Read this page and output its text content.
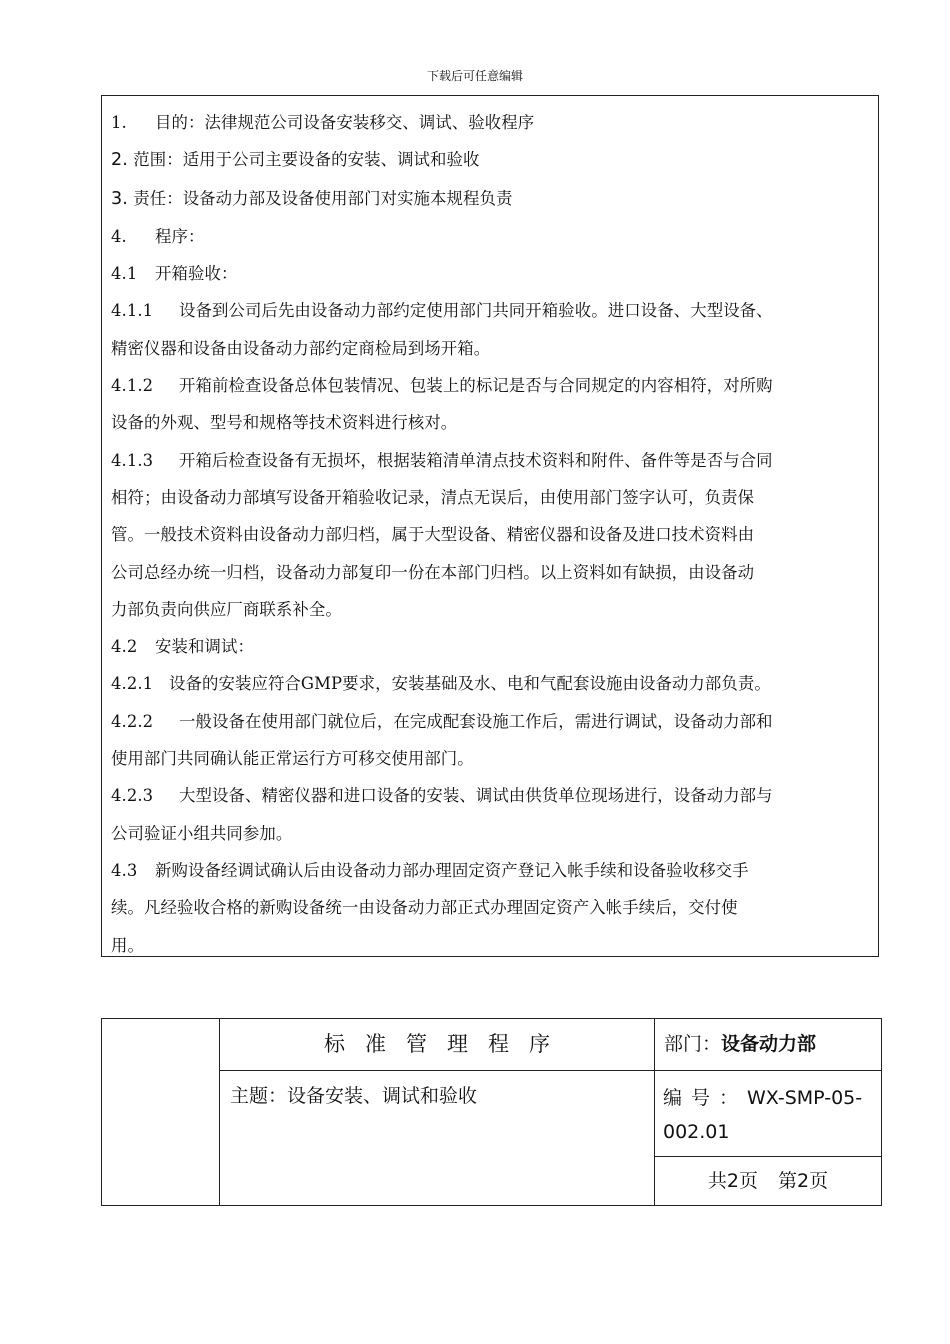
下载后可任意编辑
1. 目的：法律规范公司设备安装移交、调试、验收程序
2. 范围：适用于公司主要设备的安装、调试和验收
3. 责任：设备动力部及设备使用部门对实施本规程负责
4. 程序：
4.1 开箱验收：
4.1.1 设备到公司后先由设备动力部约定使用部门共同开箱验收。进口设备、大型设备、
精密仪器和设备由设备动力部约定商检局到场开箱。
4.1.2 开箱前检查设备总体包装情况、包装上的标记是否与合同规定的内容相符，对所购
设备的外观、型号和规格等技术资料进行核对。
4.1.3 开箱后检查设备有无损坏，根据装箱清单清点技术资料和附件、备件等是否与合同
相符；由设备动力部填写设备开箱验收记录，清点无误后，由使用部门签字认可，负责保
管。一般技术资料由设备动力部归档，属于大型设备、精密仪器和设备及进口技术资料由
公司总经办统一归档，设备动力部复印一份在本部门归档。以上资料如有缺损，由设备动
力部负责向供应厂商联系补全。
4.2 安装和调试：
4.2.1 设备的安装应符合GMP要求，安装基础及水、电和气配套设施由设备动力部负责。
4.2.2 一般设备在使用部门就位后，在完成配套设施工作后，需进行调试，设备动力部和
使用部门共同确认能正常运行方可移交使用部门。
4.2.3 大型设备、精密仪器和进口设备的安装、调试由供货单位现场进行，设备动力部与
公司验证小组共同参加。
4.3 新购设备经调试确认后由设备动力部办理固定资产登记入帐手续和设备验收移交手
续。凡经验收合格的新购设备统一由设备动力部正式办理固定资产入帐手续后，交付使
用。
	标准管理程序	部门：设备动力部
	主题：设备安装、调试和验收	编号：WX-SMP-05-002.01
		共2页 第2页
